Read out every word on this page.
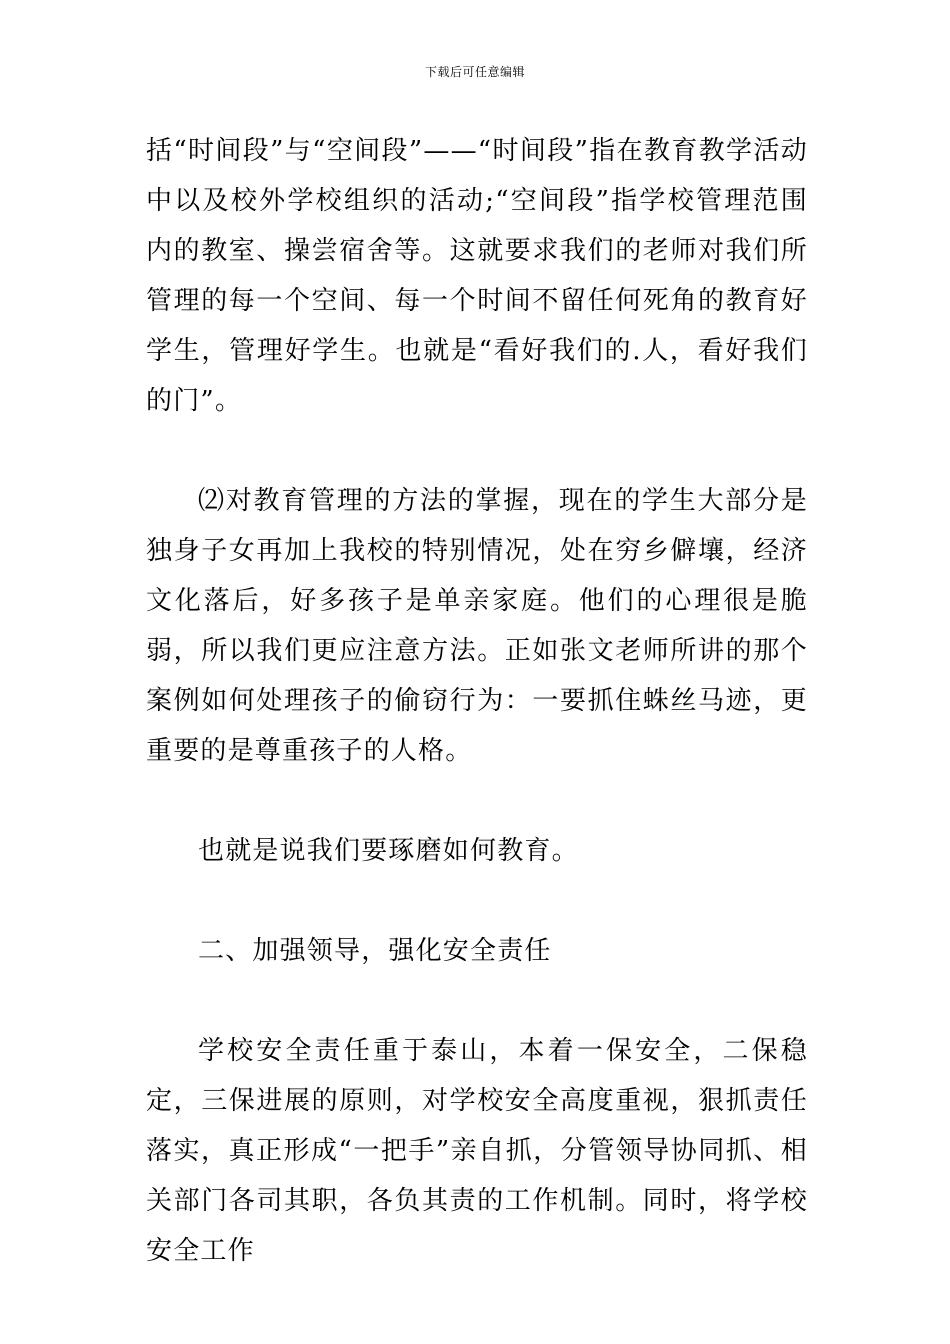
下载后可任意编辑

括“时间段”与“空间段”——“时间段”指在教育教学活动中以及校外学校组织的活动;“空间段”指学校管理范围内的教室、操尝宿舍等。这就要求我们的老师对我们所管理的每一个空间、每一个时间不留任何死角的教育好学生，管理好学生。也就是“看好我们的.人，看好我们的门”。

⑵对教育管理的方法的掌握，现在的学生大部分是独身子女再加上我校的特别情况，处在穷乡僻壤，经济文化落后，好多孩子是单亲家庭。他们的心理很是脆弱，所以我们更应注意方法。正如张文老师所讲的那个案例如何处理孩子的偷窃行为：一要抓住蛛丝马迹，更重要的是尊重孩子的人格。

也就是说我们要琢磨如何教育。

二、加强领导，强化安全责任

学校安全责任重于泰山，本着一保安全，二保稳定，三保进展的原则，对学校安全高度重视，狠抓责任落实，真正形成“一把手”亲自抓，分管领导协同抓、相关部门各司其职，各负其责的工作机制。同时，将学校安全工作
